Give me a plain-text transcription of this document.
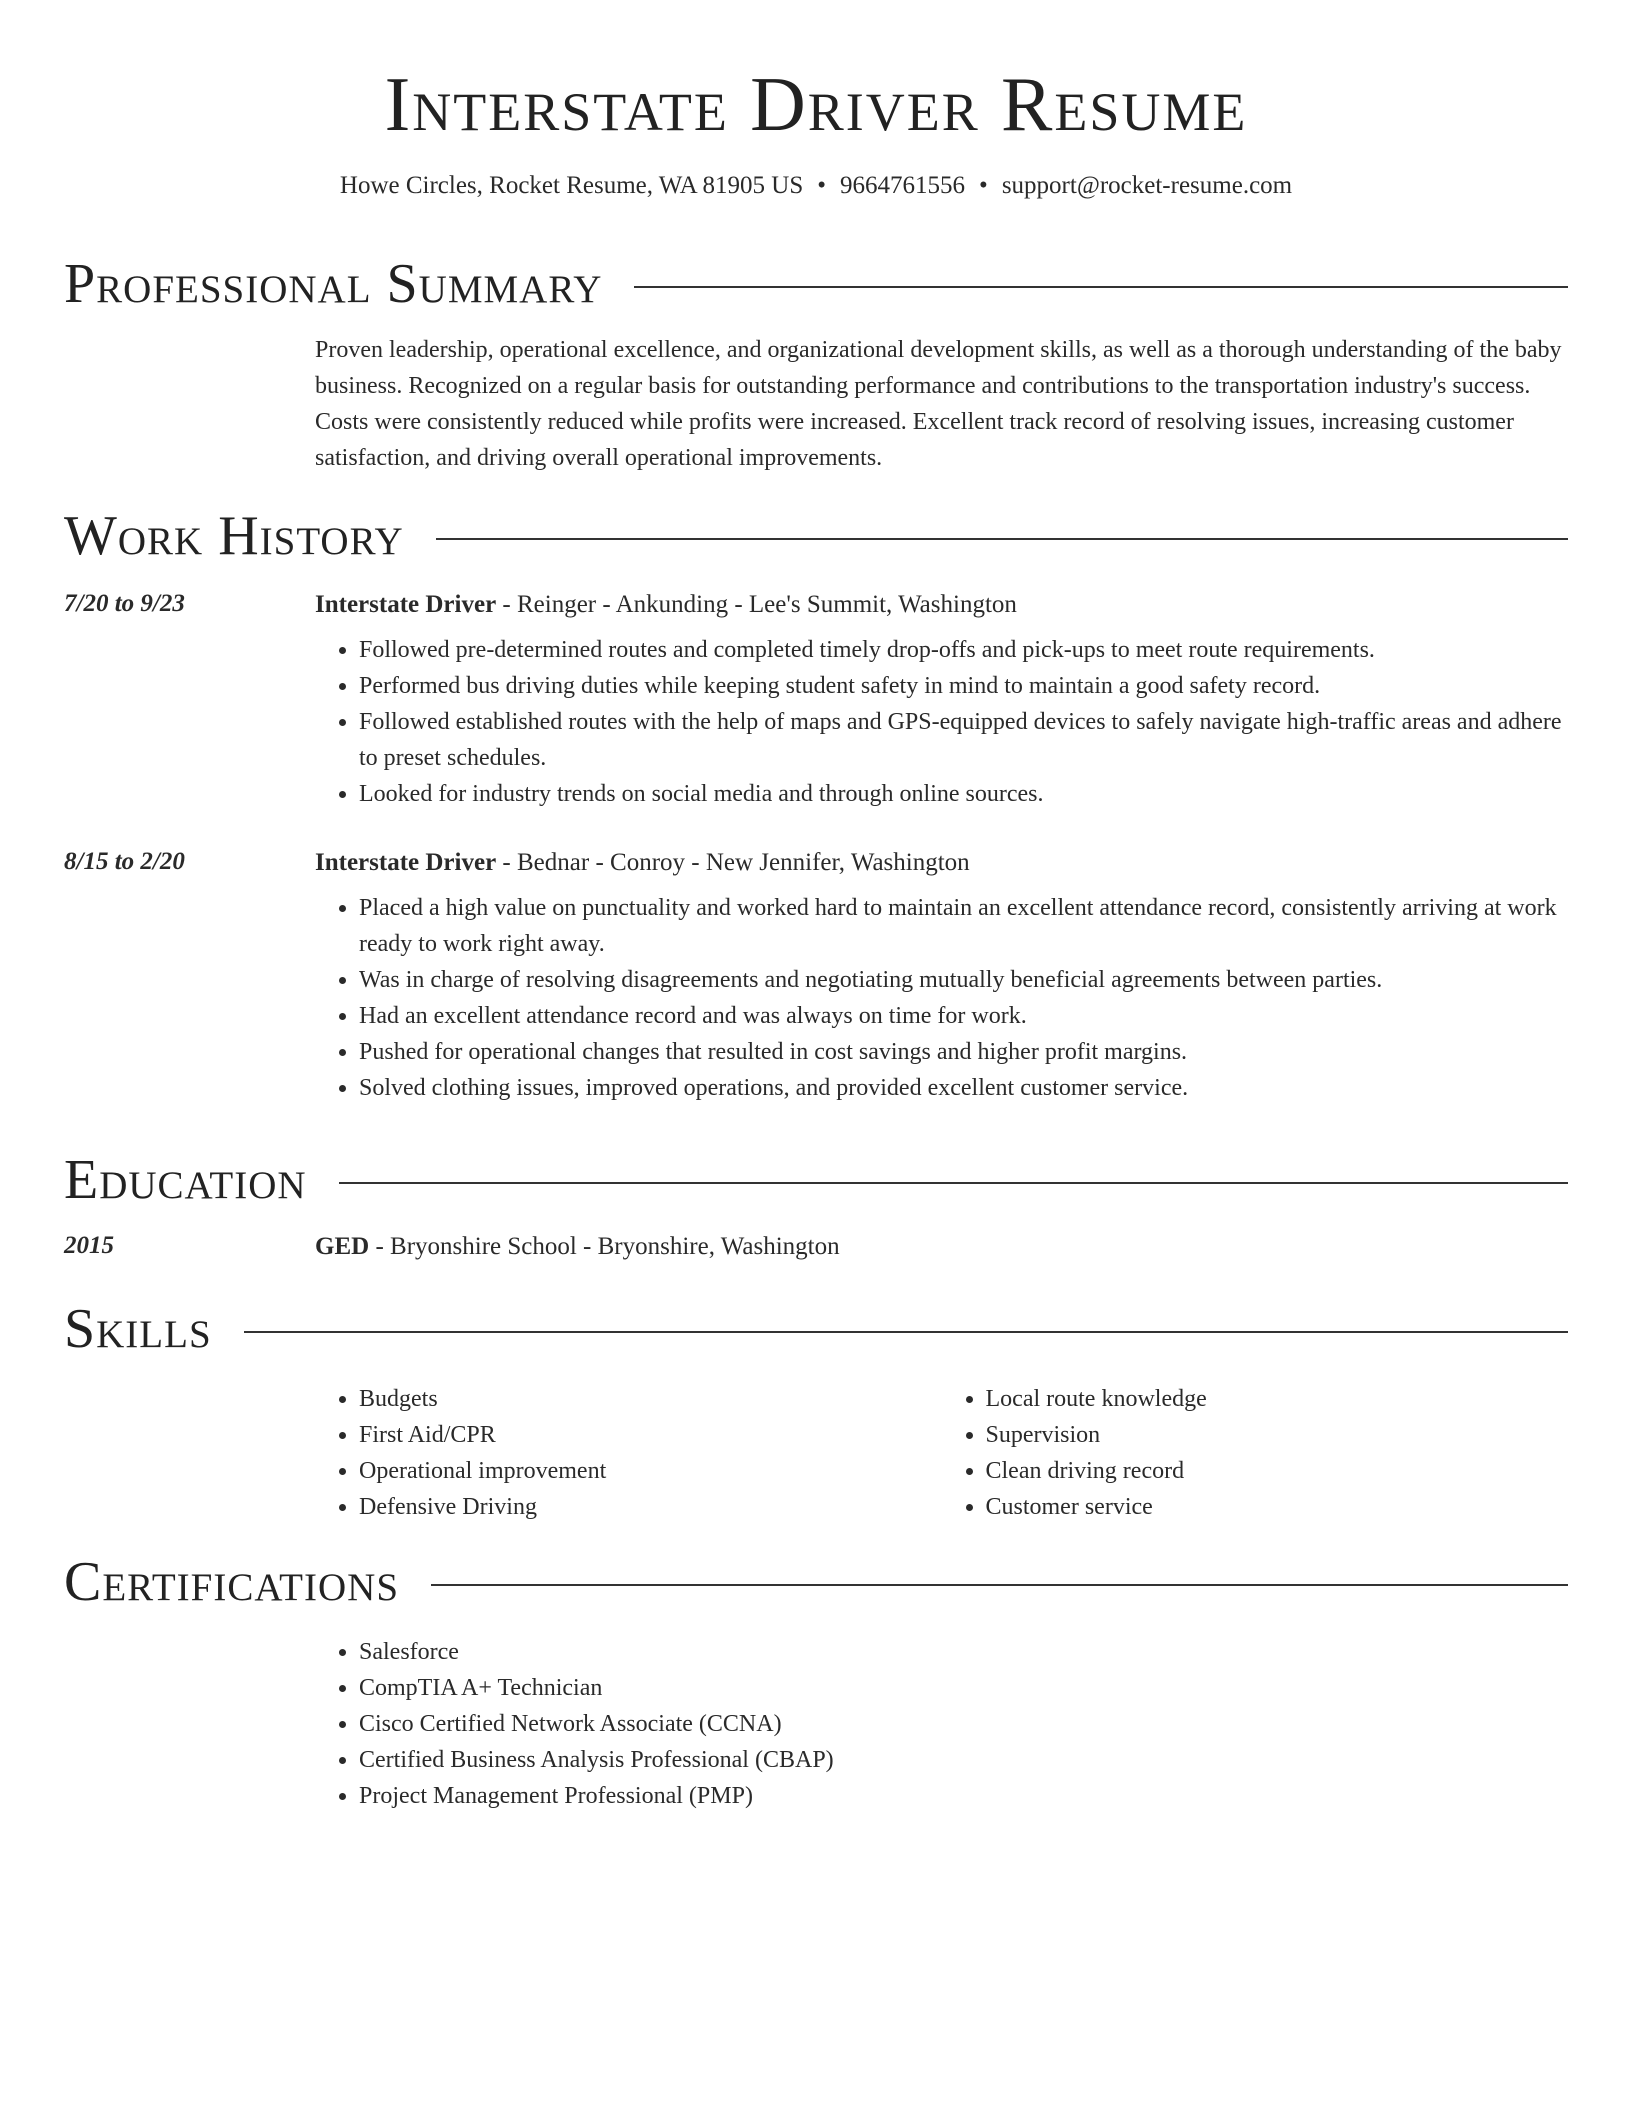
Interstate Driver Resume
Howe Circles, Rocket Resume, WA 81905 US • 9664761556 • support@rocket-resume.com
Professional Summary

Proven leadership, operational excellence, and organizational development skills, as well as a thorough understanding of the baby business. Recognized on a regular basis for outstanding performance and contributions to the transportation industry's success. Costs were consistently reduced while profits were increased. Excellent track record of resolving issues, increasing customer satisfaction, and driving overall operational improvements.

Work History
7/20 to 9/23	Interstate Driver - Reinger - Ankunding - Lee's Summit, Washington
• Followed pre-determined routes and completed timely drop-offs and pick-ups to meet route requirements.
• Performed bus driving duties while keeping student safety in mind to maintain a good safety record.
• Followed established routes with the help of maps and GPS-equipped devices to safely navigate high-traffic areas and adhere to preset schedules.
• Looked for industry trends on social media and through online sources.
8/15 to 2/20	Interstate Driver - Bednar - Conroy - New Jennifer, Washington
• Placed a high value on punctuality and worked hard to maintain an excellent attendance record, consistently arriving at work ready to work right away.
• Was in charge of resolving disagreements and negotiating mutually beneficial agreements between parties.
• Had an excellent attendance record and was always on time for work.
• Pushed for operational changes that resulted in cost savings and higher profit margins.
• Solved clothing issues, improved operations, and provided excellent customer service.
Education
2015	GED - Bryonshire School - Bryonshire, Washington
Skills
• Budgets
• First Aid/CPR
• Operational improvement
• Defensive Driving
• Local route knowledge
• Supervision
• Clean driving record
• Customer service
Certifications
• Salesforce
• CompTIA A+ Technician
• Cisco Certified Network Associate (CCNA)
• Certified Business Analysis Professional (CBAP)
• Project Management Professional (PMP)
